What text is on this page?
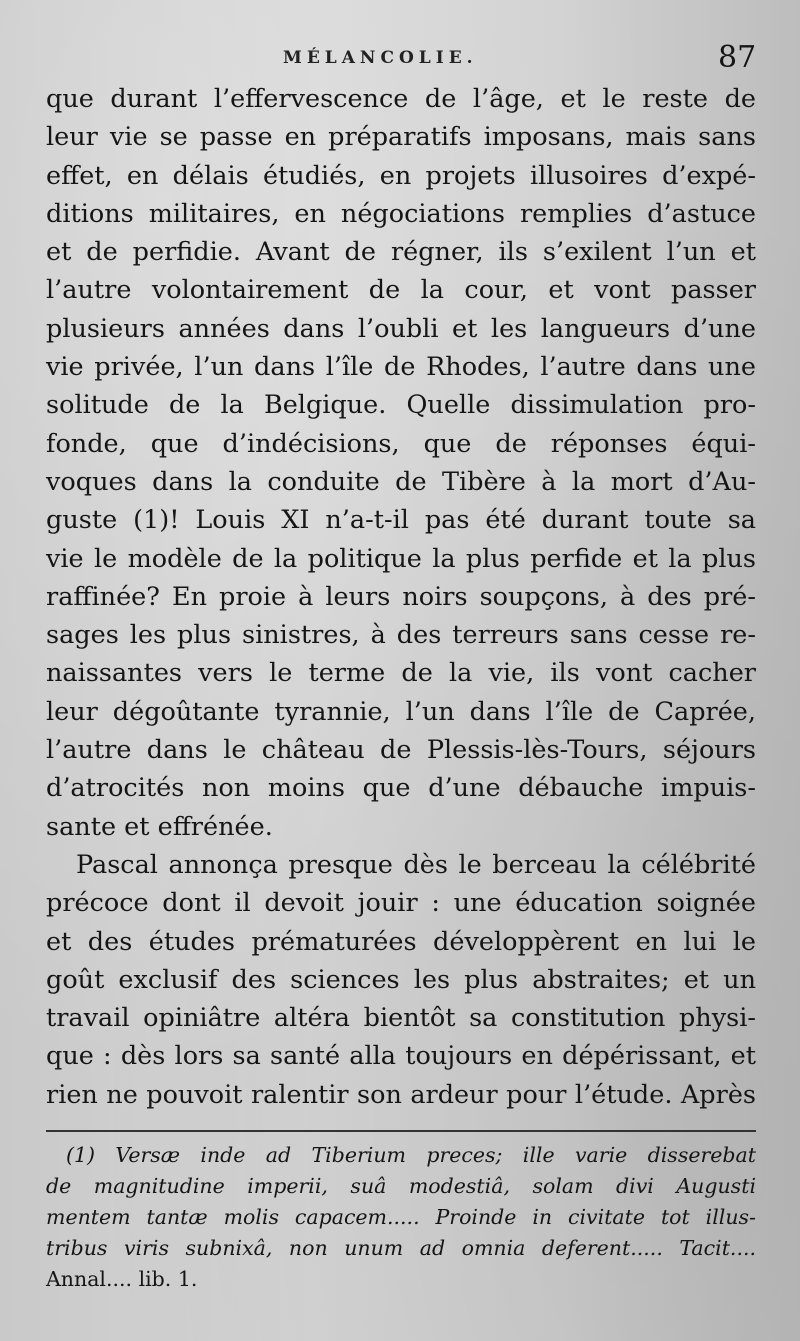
MÉLANCOLIE.	87
que durant l’effervescence de l’âge, et le reste de
leur vie se passe en préparatifs imposans, mais sans
effet, en délais étudiés, en projets illusoires d’expé-
ditions militaires, en négociations remplies d’astuce
et de perfidie. Avant de régner, ils s’exilent l’un et
l’autre volontairement de la cour, et vont passer
plusieurs années dans l’oubli et les langueurs d’une
vie privée, l’un dans l’île de Rhodes, l’autre dans une
solitude de la Belgique. Quelle dissimulation pro-
fonde, que d’indécisions, que de réponses équi-
voques dans la conduite de Tibère à la mort d’Au-
guste (1)! Louis XI n’a-t-il pas été durant toute sa
vie le modèle de la politique la plus perfide et la plus
raffinée? En proie à leurs noirs soupçons, à des pré-
sages les plus sinistres, à des terreurs sans cesse re-
naissantes vers le terme de la vie, ils vont cacher
leur dégoûtante tyrannie, l’un dans l’île de Caprée,
l’autre dans le château de Plessis-lès-Tours, séjours
d’atrocités non moins que d’une débauche impuis-
sante et effrénée.
Pascal annonça presque dès le berceau la célébrité
précoce dont il devoit jouir : une éducation soignée
et des études prématurées développèrent en lui le
goût exclusif des sciences les plus abstraites; et un
travail opiniâtre altéra bientôt sa constitution physi-
que : dès lors sa santé alla toujours en dépérissant, et
rien ne pouvoit ralentir son ardeur pour l’étude. Après
(1) Versæ inde ad Tiberium preces; ille varie disserebat
de magnitudine imperii, suâ modestiâ, solam divi Augusti
mentem tantæ molis capacem..... Proinde in civitate tot illus-
tribus viris subnixâ, non unum ad omnia deferent..... Tacit....
Annal.... lib. 1.
